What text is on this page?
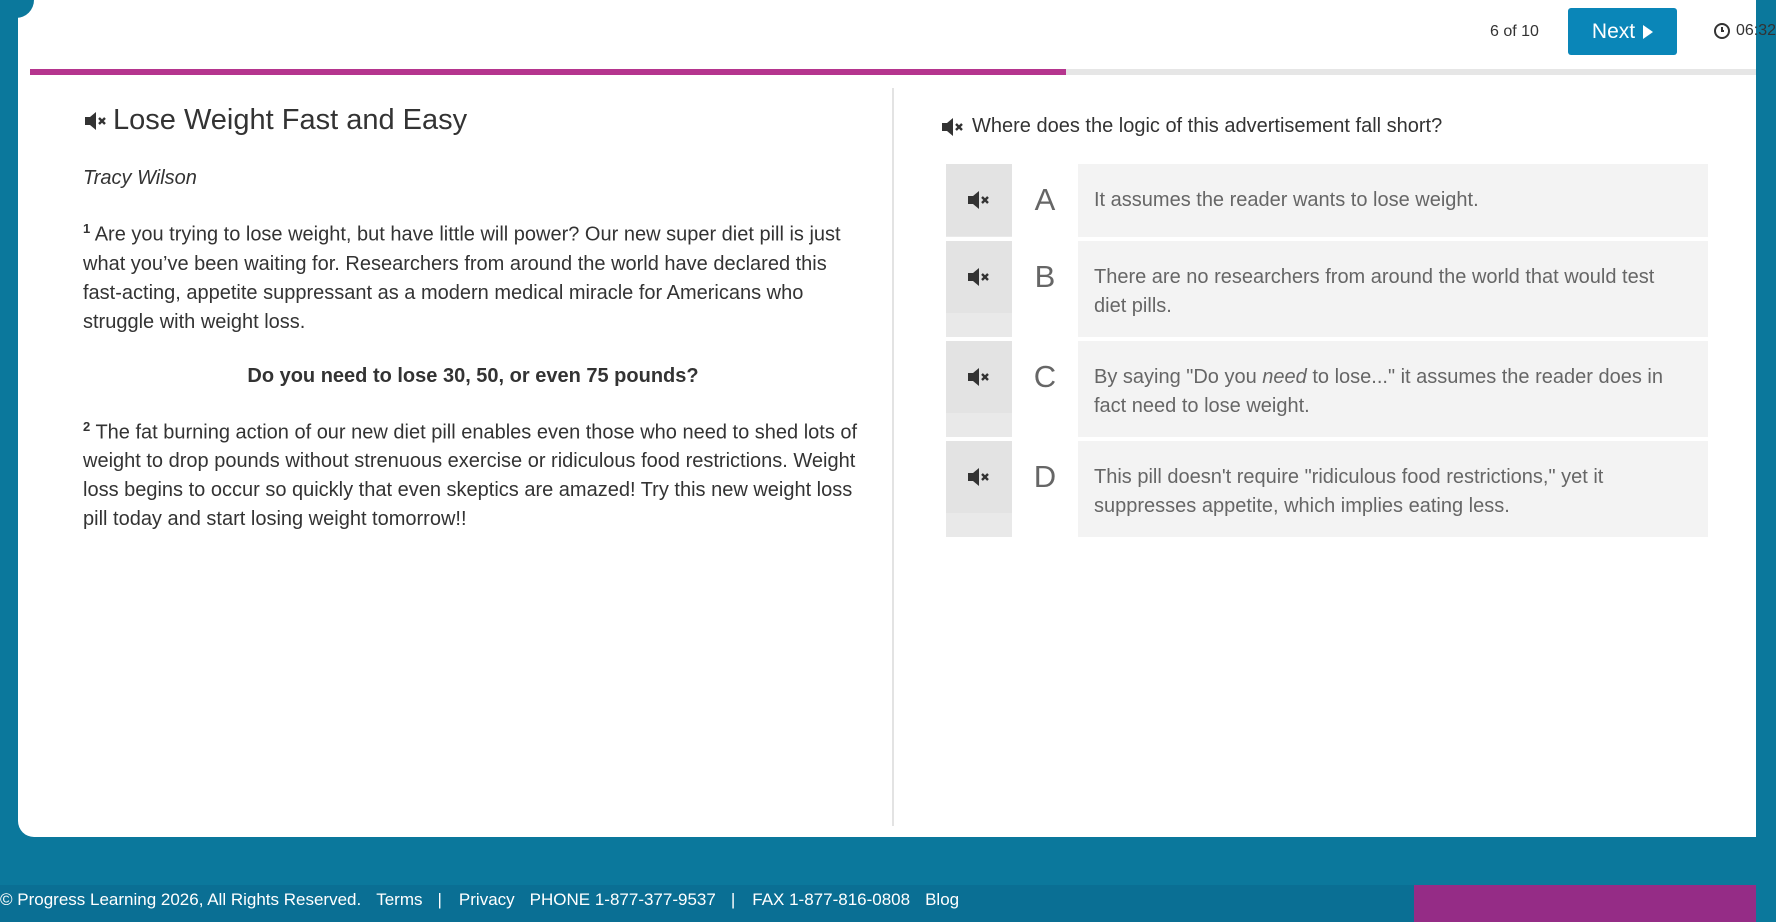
6 of 10	Next	06:32
Lose Weight Fast and Easy
Tracy Wilson
$^1$ Are you trying to lose weight, but have little will power? Our new super diet pill is just what you’ve been waiting for. Researchers from around the world have declared this fast-acting, appetite suppressant as a modern medical miracle for Americans who struggle with weight loss.
Do you need to lose 30, 50, or even 75 pounds?
$^2$ The fat burning action of our new diet pill enables even those who need to shed lots of weight to drop pounds without strenuous exercise or ridiculous food restrictions. Weight loss begins to occur so quickly that even skeptics are amazed! Try this new weight loss pill today and start losing weight tomorrow!!
Where does the logic of this advertisement fall short?
A	It assumes the reader wants to lose weight.
B	There are no researchers from around the world that would test diet pills.
C	By saying "Do you need to lose..." it assumes the reader does in fact need to lose weight.
D	This pill doesn't require "ridiculous food restrictions," yet it suppresses appetite, which implies eating less.
© Progress Learning 2026, All Rights Reserved. Terms | Privacy PHONE 1-877-377-9537 | FAX 1-877-816-0808 Blog
